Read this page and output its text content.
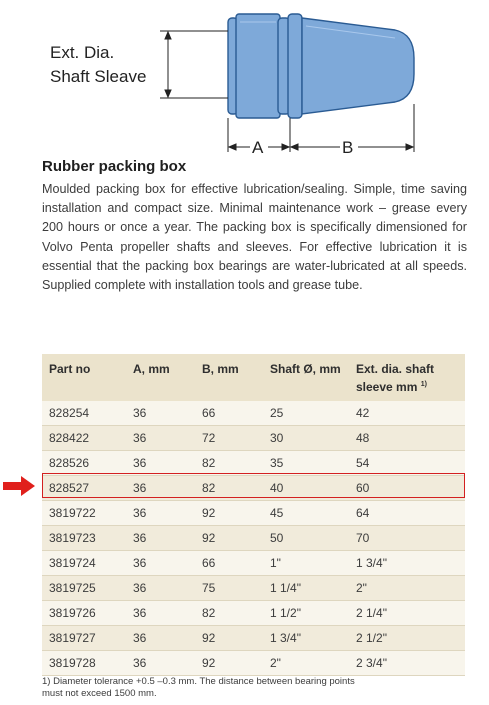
Ext. Dia.
Shaft Sleave
A	B
Rubber packing box

Moulded packing box for effective lubrication/sealing. Simple, time saving installation and compact size. Minimal maintenance work – grease every 200 hours or once a year. The packing box is specifically dimensioned for Volvo Penta propeller shafts and sleeves. For effective lubrication it is essential that the packing box bearings are water-lubricated at all speeds. Supplied complete with installation tools and grease tube.

Part no	A, mm	B, mm	Shaft Ø, mm	Ext. dia. shaft
sleeve mm $^{1)}$
828254	36	66	25	42
828422	36	72	30	48
828526	36	82	35	54
828527	36	82	40	60
3819722	36	92	45	64
3819723	36	92	50	70
3819724	36	66	1"	1 3/4"
3819725	36	75	1 1/4"	2"
3819726	36	82	1 1/2"	2 1/4"
3819727	36	92	1 3/4"	2 1/2"
3819728	36	92	2"	2 3/4"

1) Diameter tolerance +0.5 –0.3 mm. The distance between bearing points
must not exceed 1500 mm.
